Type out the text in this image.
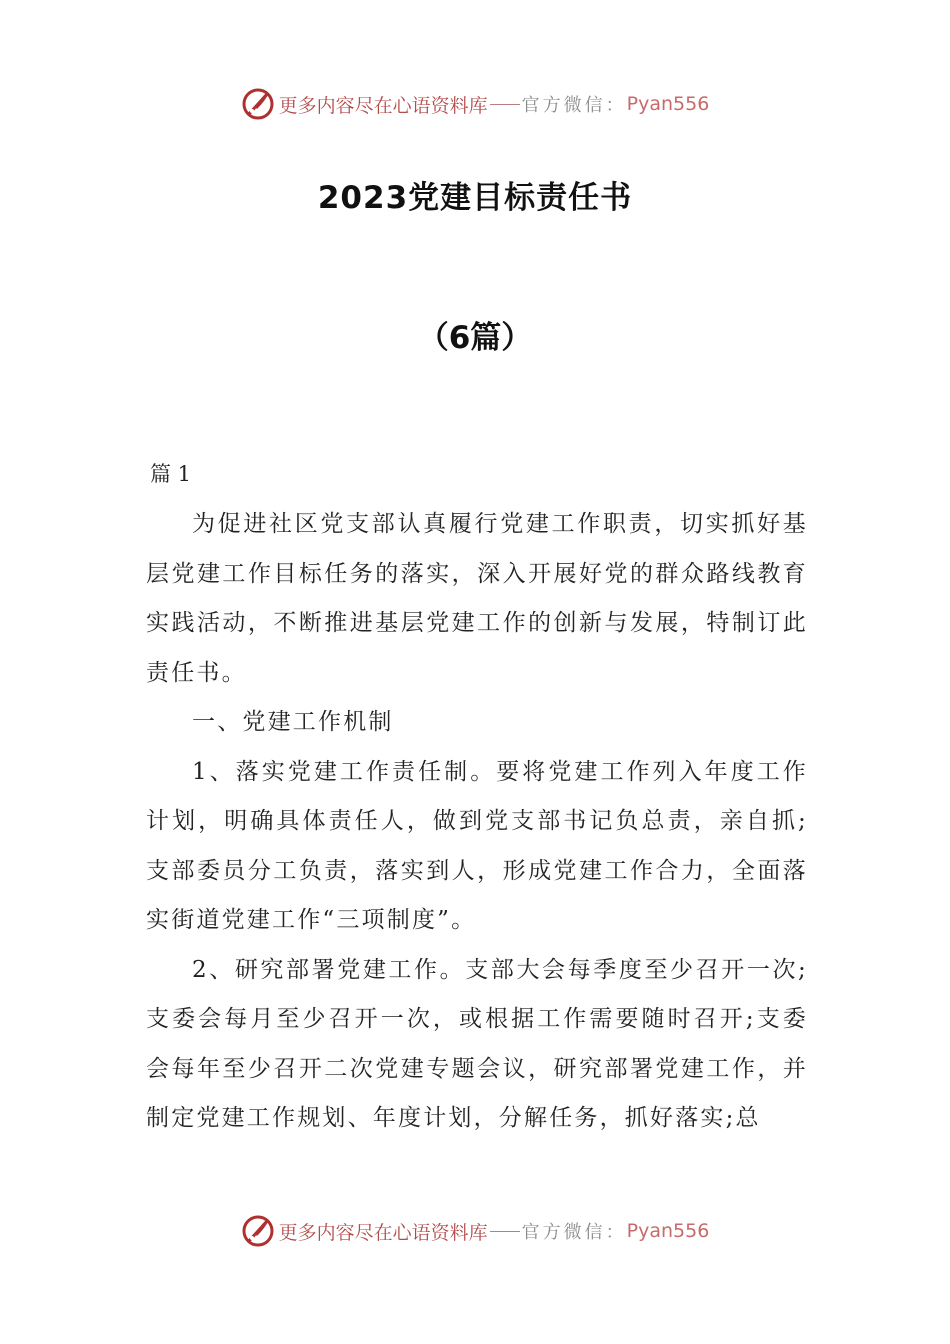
更多内容尽在心语资料库 官方微信： Pyan556
2023党建目标责任书
（6篇）
篇 1

为促进社区党支部认真履行党建工作职责，切实抓好基层党建工作目标任务的落实，深入开展好党的群众路线教育实践活动，不断推进基层党建工作的创新与发展，特制订此责任书。

一、党建工作机制

1、落实党建工作责任制。要将党建工作列入年度工作计划，明确具体责任人，做到党支部书记负总责，亲自抓;支部委员分工负责，落实到人，形成党建工作合力，全面落实街道党建工作“三项制度”。

2、研究部署党建工作。支部大会每季度至少召开一次;支委会每月至少召开一次，或根据工作需要随时召开;支委会每年至少召开二次党建专题会议，研究部署党建工作，并制定党建工作规划、年度计划，分解任务，抓好落实;总

更多内容尽在心语资料库 官方微信： Pyan556
